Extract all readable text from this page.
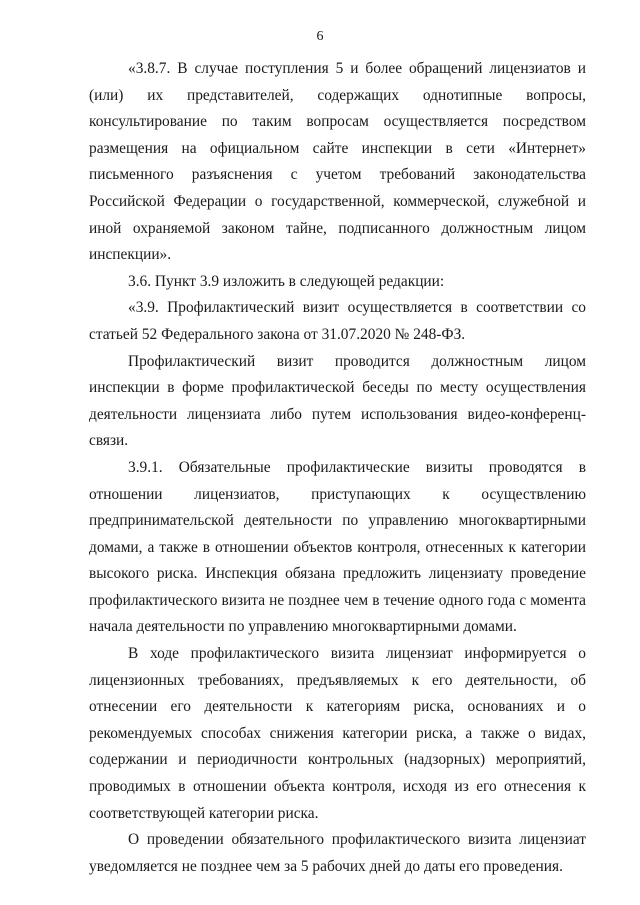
6

«3.8.7. В случае поступления 5 и более обращений лицензиатов и (или) их представителей, содержащих однотипные вопросы, консультирование по таким вопросам осуществляется посредством размещения на официальном сайте инспекции в сети «Интернет» письменного разъяснения с учетом требований законодательства Российской Федерации о государственной, коммерческой, служебной и иной охраняемой законом тайне, подписанного должностным лицом инспекции».

3.6. Пункт 3.9 изложить в следующей редакции:

«3.9. Профилактический визит осуществляется в соответствии со статьей 52 Федерального закона от 31.07.2020 № 248-ФЗ.

Профилактический визит проводится должностным лицом инспекции в форме профилактической беседы по месту осуществления деятельности лицензиата либо путем использования видео-конференц-связи.

3.9.1. Обязательные профилактические визиты проводятся в отношении лицензиатов, приступающих к осуществлению предпринимательской деятельности по управлению многоквартирными домами, а также в отношении объектов контроля, отнесенных к категории высокого риска. Инспекция обязана предложить лицензиату проведение профилактического визита не позднее чем в течение одного года с момента начала деятельности по управлению многоквартирными домами.

В ходе профилактического визита лицензиат информируется о лицензионных требованиях, предъявляемых к его деятельности, об отнесении его деятельности к категориям риска, основаниях и о рекомендуемых способах снижения категории риска, а также о видах, содержании и периодичности контрольных (надзорных) мероприятий, проводимых в отношении объекта контроля, исходя из его отнесения к соответствующей категории риска.

О проведении обязательного профилактического визита лицензиат уведомляется не позднее чем за 5 рабочих дней до даты его проведения.
